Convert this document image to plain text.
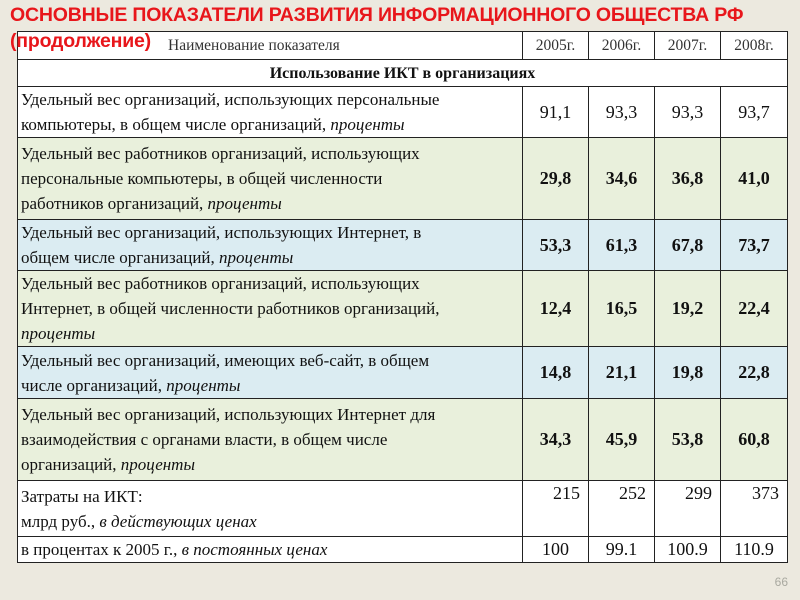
ОСНОВНЫЕ ПОКАЗАТЕЛИ РАЗВИТИЯ ИНФОРМАЦИОННОГО ОБЩЕСТВА РФ
(продолжение)	Наименование показателя	2005г.	2006г.	2007г.	2008г.
Использование ИКТ в организациях				
Удельный вес организаций, использующих персональные
компьютеры, в общем числе организаций, проценты	91,1	93,3	93,3	93,7
Удельный вес работников организаций, использующих
персональные компьютеры, в общей численности
работников организаций, проценты	29,8	34,6	36,8	41,0
Удельный вес организаций, использующих Интернет, в
общем числе организаций, проценты	53,3	61,3	67,8	73,7
Удельный вес работников организаций, использующих
Интернет, в общей численности работников организаций,
проценты	12,4	16,5	19,2	22,4
Удельный вес организаций, имеющих веб-сайт, в общем
числе организаций, проценты	14,8	21,1	19,8	22,8
Удельный вес организаций, использующих Интернет для
взаимодействия с органами власти, в общем числе
организаций, проценты	34,3	45,9	53,8	60,8
Затраты на ИКТ:
млрд руб., в действующих ценах	215	252	299	373
в процентах к 2005 г., в постоянных ценах	100	99.1	100.9	110.9
66
